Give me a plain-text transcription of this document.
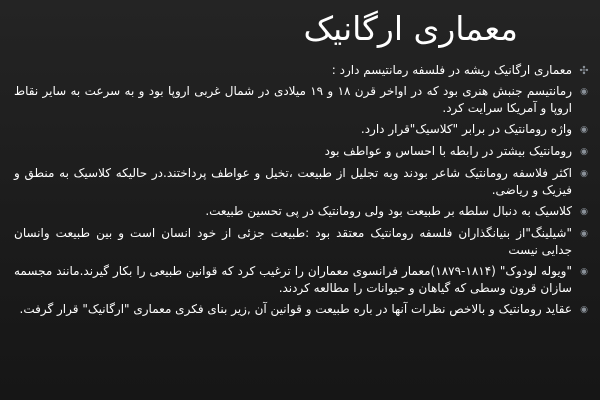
معماری ارگانیک
✣
معماری ارگانیک ریشه در فلسفه رمانتیسم دارد :
◉
رمانتیسم جنبش هنری بود که در اواخر قرن ۱۸ و ۱۹ میلادی در شمال غربی اروپا بود و به سرعت به سایر نقاط اروپا و آمریکا سرایت کرد.
◉
واژه رومانتیک در برابر "کلاسیک"قرار دارد.
◉
رومانتیک بیشتر در رابطه با احساس و عواطف بود
◉
اکثر فلاسفه رومانتیک شاعر بودند وبه تجلیل از طبیعت ،تخیل و عواطف پرداختند.در حالیکه کلاسیک به منطق و فیزیک و ریاضی.
◉
کلاسیک به دنبال سلطه بر طبیعت بود ولی رومانتیک در پی تحسین طبیعت.
◉
"شیلینگ"از بنیانگذاران فلسفه رومانتیک معتقد بود :طبیعت جزئی از خود انسان است و بین طبیعت وانسان جدایی نیست
◉
"ویوله لودوک" (۱۸۱۴-۱۸۷۹)معمار فرانسوی معماران را ترغیب کرد که قوانین طبیعی را بکار گیرند.مانند مجسمه سازان قرون وسطی که گیاهان و حیوانات را مطالعه کردند.
◉
عقاید رومانتیک و بالاخص نظرات آنها در باره طبیعت و قوانین آن ,زیر بنای فکری معماری "ارگانیک" قرار گرفت.
